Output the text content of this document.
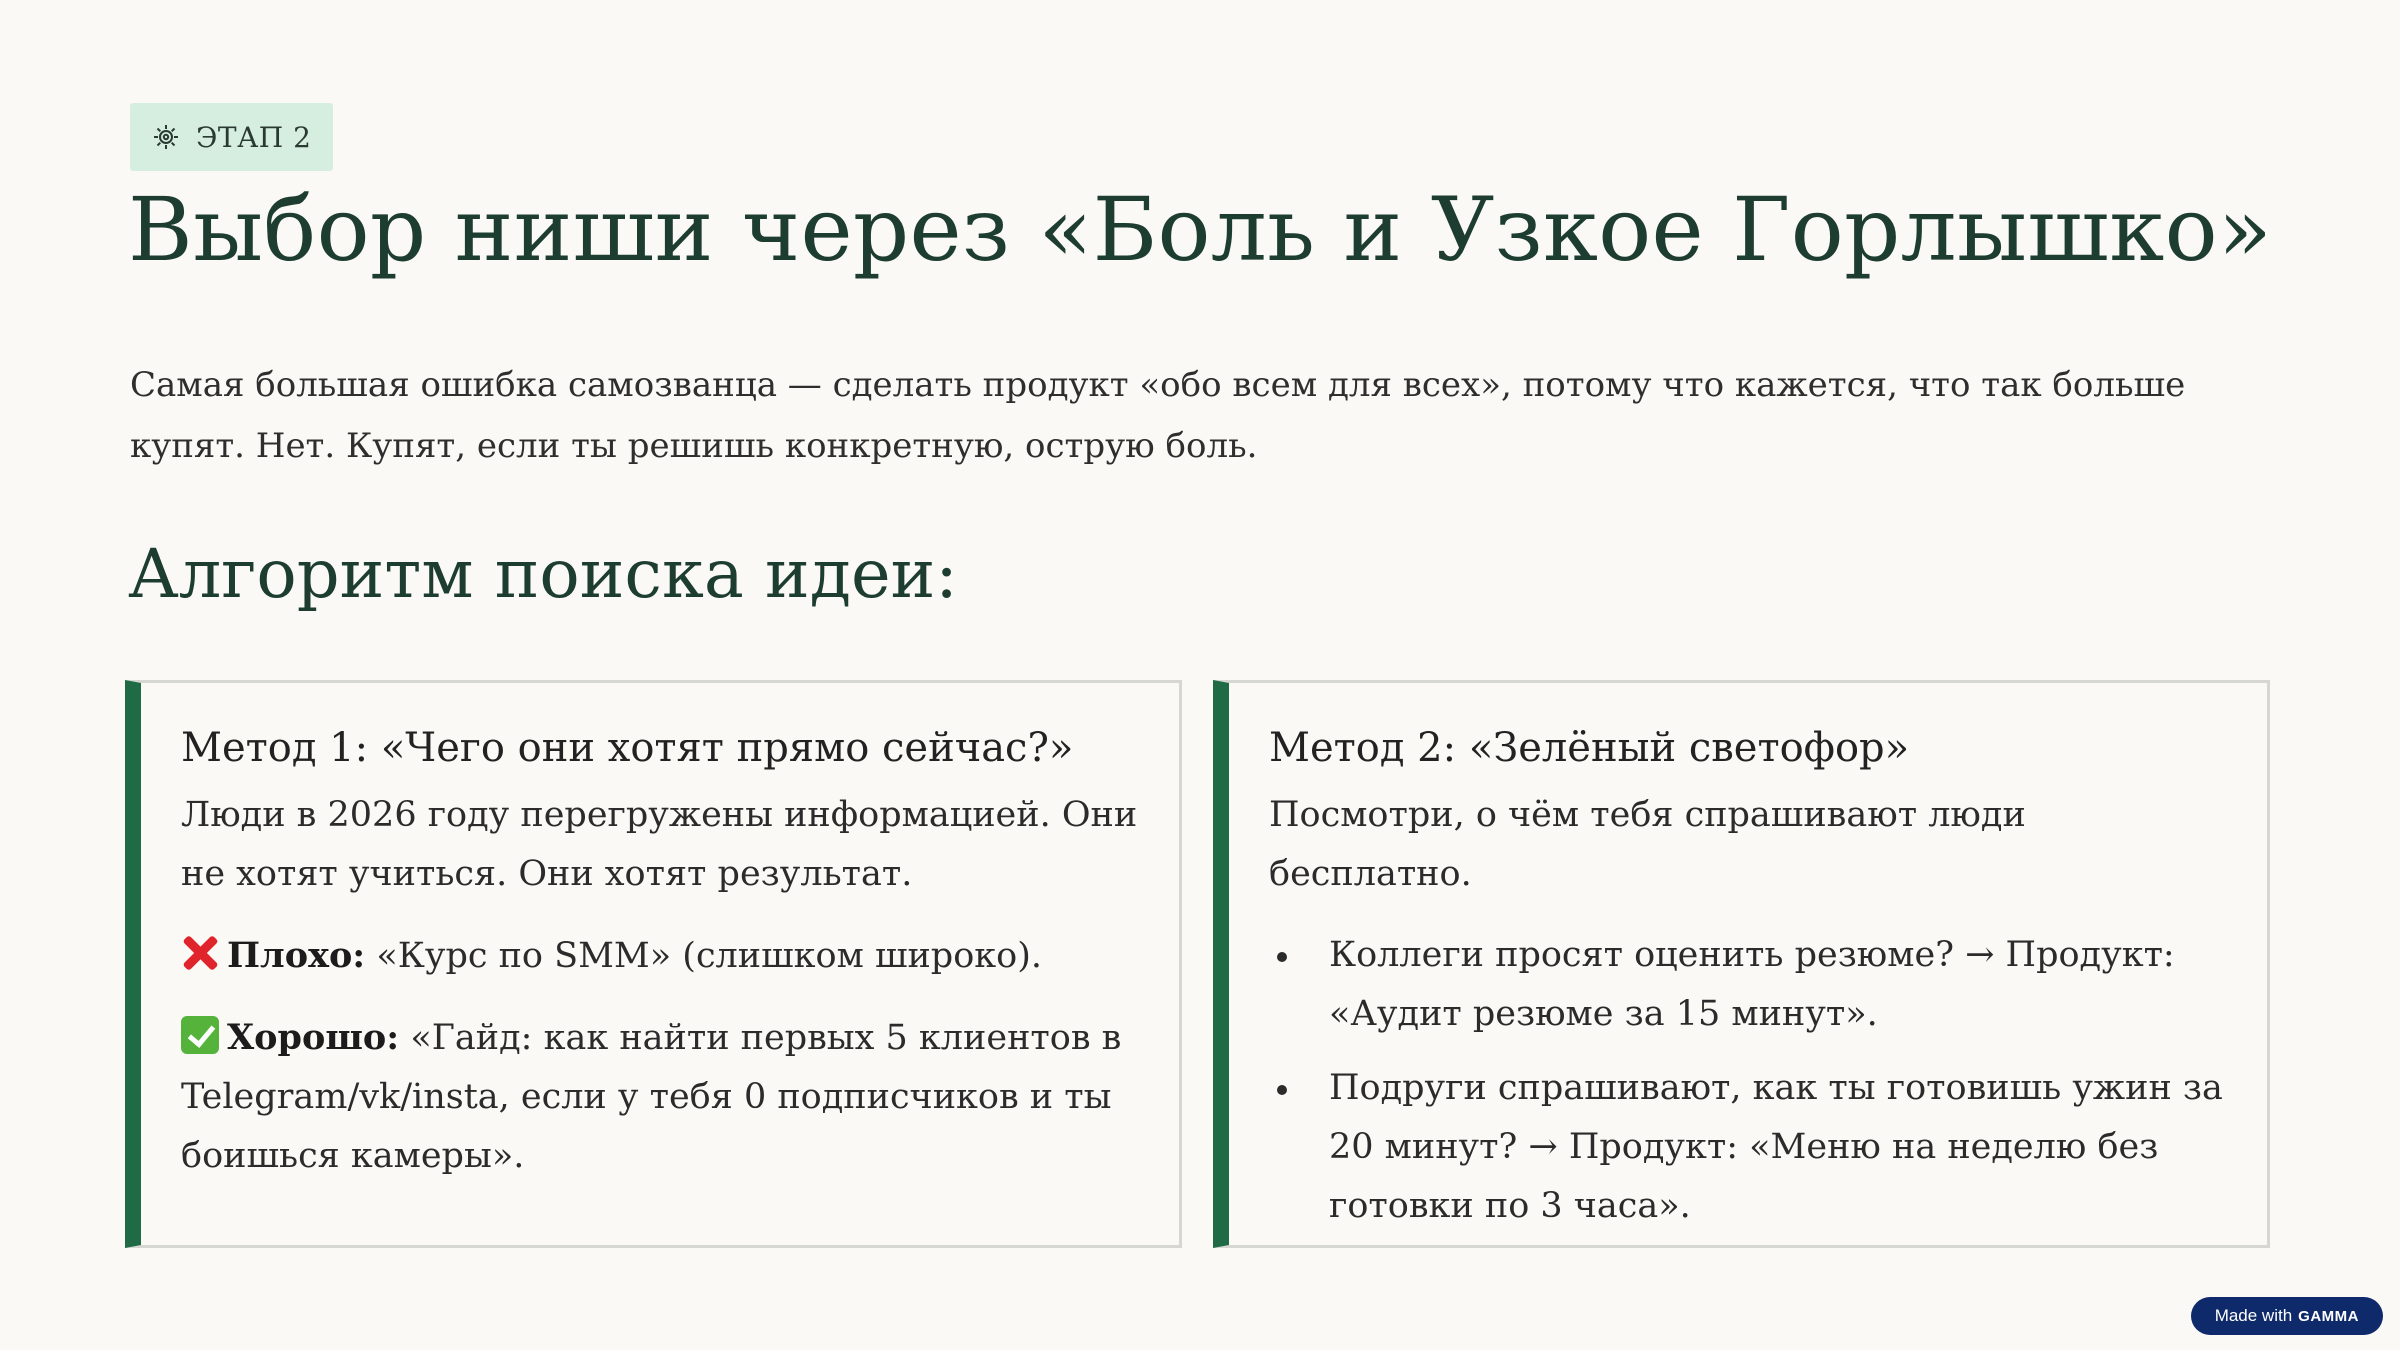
ЭТАП 2
Выбор ниши через «Боль и Узкое Горлышко»

Самая большая ошибка самозванца — сделать продукт «обо всем для всех», потому что кажется, что так больше купят. Нет. Купят, если ты решишь конкретную, острую боль.

Алгоритм поиска идеи:
Метод 1: «Чего они хотят прямо сейчас?»

Люди в 2026 году перегружены информацией. Они не хотят учиться. Они хотят результат.

Плохо: «Курс по SMM» (слишком широко).

Хорошо: «Гайд: как найти первых 5 клиентов в Telegram/vk/insta, если у тебя 0 подписчиков и ты боишься камеры».

Метод 2: «Зелёный светофор»

Посмотри, о чём тебя спрашивают люди бесплатно.

Коллеги просят оценить резюме? → Продукт: «Аудит резюме за 15 минут».
Подруги спрашивают, как ты готовишь ужин за 20 минут? → Продукт: «Меню на неделю без готовки по 3 часа».
Made with GAMMA
